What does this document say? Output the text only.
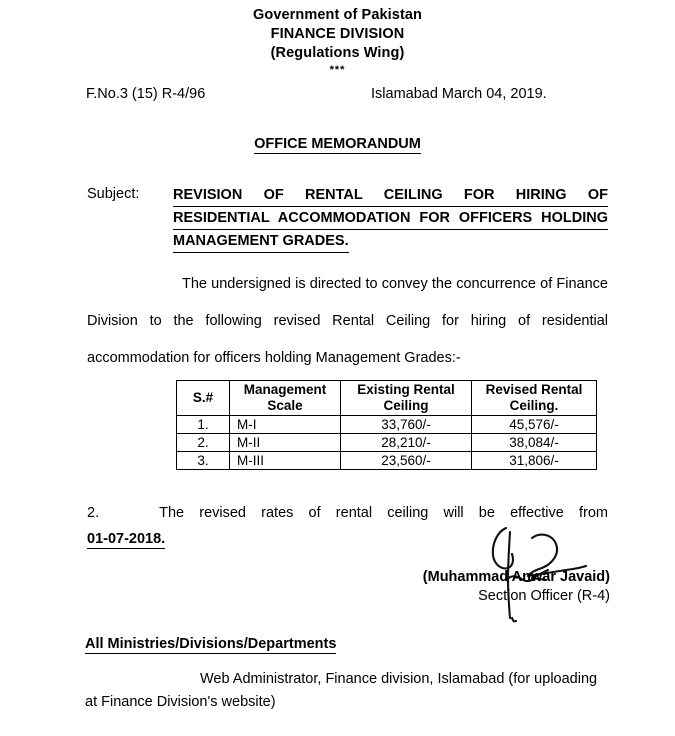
Government of Pakistan
FINANCE DIVISION
(Regulations Wing)
***
F.No.3 (15) R-4/96	Islamabad March 04, 2019.
OFFICE MEMORANDUM
Subject: REVISION OF RENTAL CEILING FOR HIRING OF
RESIDENTIAL ACCOMMODATION FOR OFFICERS HOLDING
MANAGEMENT GRADES.
The undersigned is directed to convey the concurrence of Finance
Division to the following revised Rental Ceiling for hiring of residential
accommodation for officers holding Management Grades:-
S.#	Management Scale	Existing Rental Ceiling	Revised Rental Ceiling.
1.	M-I	33,760/-	45,576/-
2.	M-II	28,210/-	38,084/-
3.	M-III	23,560/-	31,806/-
2.	The revised rates of rental ceiling will be effective from
01-07-2018.
(Muhammad Anwar Javaid)
Section Officer (R-4)
All Ministries/Divisions/Departments
Web Administrator, Finance division, Islamabad (for uploading
at Finance Division's website)
